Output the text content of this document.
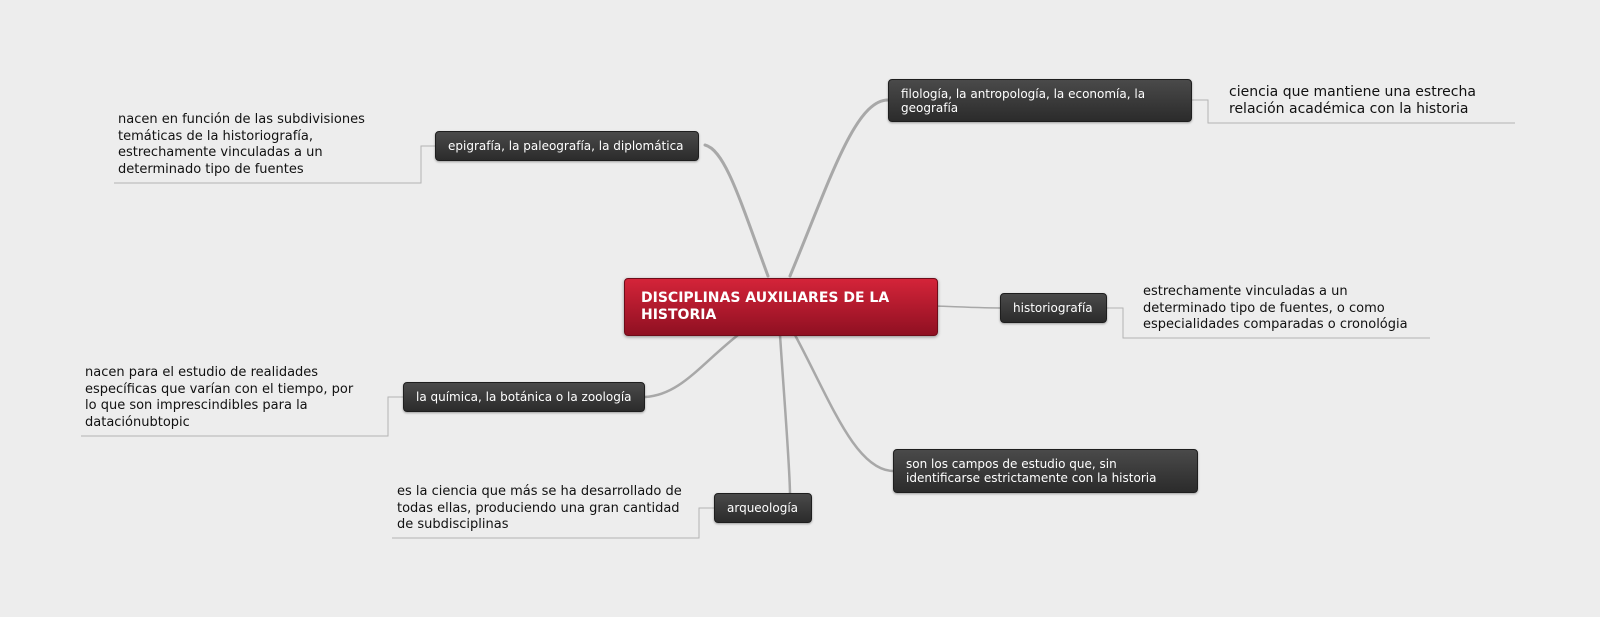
DISCIPLINAS AUXILIARES DE LA HISTORIA
epigrafía, la paleografía, la diplomática
filología, la antropología, la economía, la geografía
historiografía
la química, la botánica o la zoología
son los campos de estudio que, sin identificarse estrictamente con la historia
arqueología
nacen en función de las subdivisiones temáticas de la historiografía, estrechamente vinculadas a un determinado tipo de fuentes
ciencia que mantiene una estrecha relación académica con la historia
estrechamente vinculadas a un determinado tipo de fuentes, o como especialidades comparadas o cronológia
nacen para el estudio de realidades específicas que varían con el tiempo, por lo que son imprescindibles para la dataciónubtopic
es la ciencia que más se ha desarrollado de todas ellas, produciendo una gran cantidad de subdisciplinas
